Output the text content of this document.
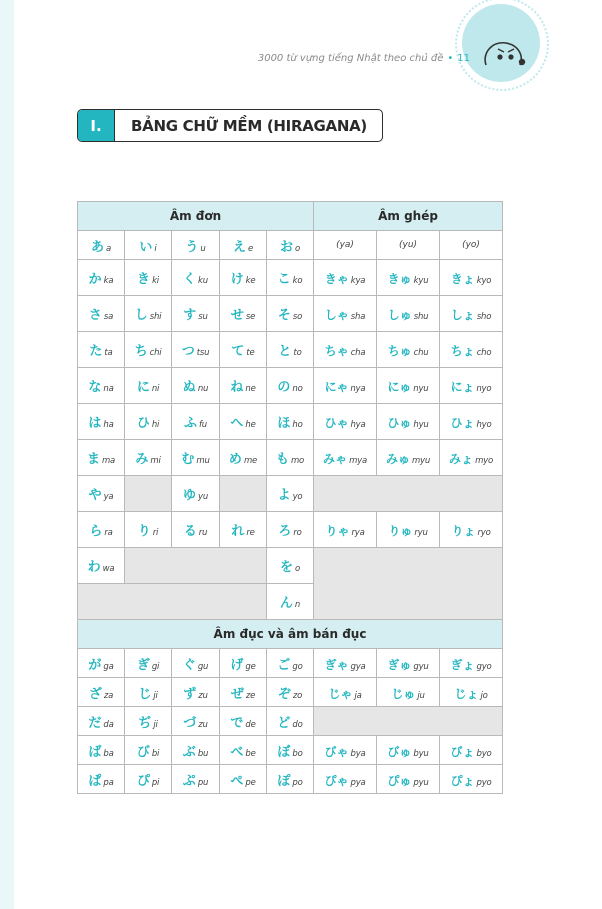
3000 từ vựng tiếng Nhật theo chủ đề • 11
I.	BẢNG CHỮ MỀM (HIRAGANA)
Âm đơn					Âm ghép		
あ a	い i	う u	え e	お o	(ya)	(yu)	(yo)
か ka	き ki	く ku	け ke	こ ko	きゃ kya	きゅ kyu	きょ kyo
さ sa	し shi	す su	せ se	そ so	しゃ sha	しゅ shu	しょ sho
た ta	ち chi	つ tsu	て te	と to	ちゃ cha	ちゅ chu	ちょ cho
な na	に ni	ぬ nu	ね ne	の no	にゃ nya	にゅ nyu	にょ nyo
は ha	ひ hi	ふ fu	へ he	ほ ho	ひゃ hya	ひゅ hyu	ひょ hyo
ま ma	み mi	む mu	め me	も mo	みゃ mya	みゅ myu	みょ myo
や ya		ゆ yu		よ yo			
ら ra	り ri	る ru	れ re	ろ ro	りゃ rya	りゅ ryu	りょ ryo
わ wa				を o			
				ん n			
Âm đục và âm bán đục							
が ga	ぎ gi	ぐ gu	げ ge	ご go	ぎゃ gya	ぎゅ gyu	ぎょ gyo
ざ za	じ ji	ず zu	ぜ ze	ぞ zo	じゃ ja	じゅ ju	じょ jo
だ da	ぢ ji	づ zu	で de	ど do			
ば ba	び bi	ぶ bu	べ be	ぼ bo	びゃ bya	びゅ byu	びょ byo
ぱ pa	ぴ pi	ぷ pu	ぺ pe	ぽ po	ぴゃ pya	ぴゅ pyu	ぴょ pyo
